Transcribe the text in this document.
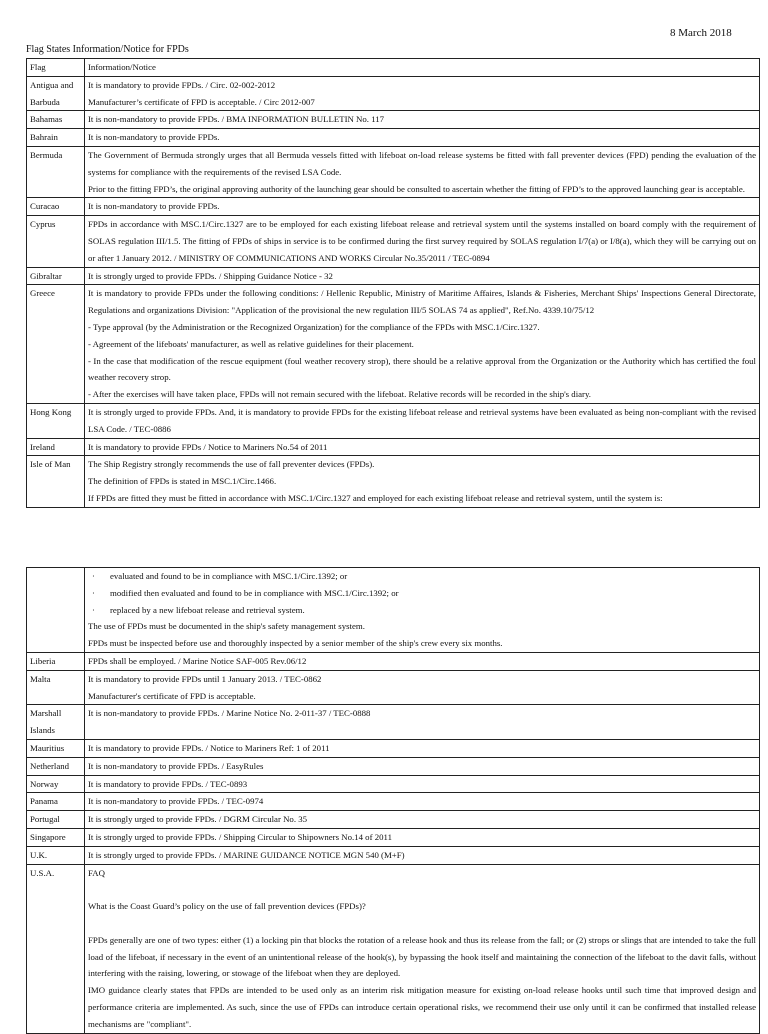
8 March 2018
Flag States Information/Notice for FPDs
Flag	Information/Notice
Antigua and Barbuda	It is mandatory to provide FPDs. / Circ. 02-002-2012
Manufacturer’s certificate of FPD is acceptable. / Circ 2012-007

Bahamas	It is non-mandatory to provide FPDs. / BMA INFORMATION BULLETIN No. 117

Bahrain	It is non-mandatory to provide FPDs.

Bermuda	The Government of Bermuda strongly urges that all Bermuda vessels fitted with lifeboat on-load release systems be fitted with fall preventer devices (FPD) pending the evaluation of the systems for compliance with the requirements of the revised LSA Code.
Prior to the fitting FPD’s, the original approving authority of the launching gear should be consulted to ascertain whether the fitting of FPD’s to the approved launching gear is acceptable.

Curacao	It is non-mandatory to provide FPDs.

Cyprus	FPDs in accordance with MSC.1/Circ.1327 are to be employed for each existing lifeboat release and retrieval system until the systems installed on board comply with the requirement of SOLAS regulation III/1.5. The fitting of FPDs of ships in service is to be confirmed during the first survey required by SOLAS regulation I/7(a) or I/8(a), which they will be carrying out on or after 1 January 2012. / MINISTRY OF COMMUNICATIONS AND WORKS Circular No.35/2011 / TEC-0894

Gibraltar	It is strongly urged to provide FPDs. / Shipping Guidance Notice - 32

Greece	It is mandatory to provide FPDs under the following conditions: / Hellenic Republic, Ministry of Maritime Affaires, Islands & Fisheries, Merchant Ships' Inspections General Directorate, Regulations and organizations Division: "Application of the provisional the new regulation III/5 SOLAS 74 as applied", Ref.No. 4339.10/75/12
- Type approval (by the Administration or the Recognized Organization) for the compliance of the FPDs with MSC.1/Circ.1327.
- Agreement of the lifeboats' manufacturer, as well as relative guidelines for their placement.
- In the case that modification of the rescue equipment (foul weather recovery strop), there should be a relative approval from the Organization or the Authority which has certified the foul weather recovery strop.
- After the exercises will have taken place, FPDs will not remain secured with the lifeboat. Relative records will be recorded in the ship's diary.

Hong Kong	It is strongly urged to provide FPDs. And, it is mandatory to provide FPDs for the existing lifeboat release and retrieval systems have been evaluated as being non-compliant with the revised LSA Code. / TEC-0886

Ireland	It is mandatory to provide FPDs / Notice to Mariners No.54 of 2011

Isle of Man	The Ship Registry strongly recommends the use of fall preventer devices (FPDs).
The definition of FPDs is stated in MSC.1/Circ.1466.
If FPDs are fitted they must be fitted in accordance with MSC.1/Circ.1327 and employed for each existing lifeboat release and retrieval system, until the system is:

	· evaluated and found to be in compliance with MSC.1/Circ.1392; or
· modified then evaluated and found to be in compliance with MSC.1/Circ.1392; or
· replaced by a new lifeboat release and retrieval system.
The use of FPDs must be documented in the ship's safety management system.
FPDs must be inspected before use and thoroughly inspected by a senior member of the ship's crew every six months.

Liberia	FPDs shall be employed. / Marine Notice SAF-005 Rev.06/12

Malta	It is mandatory to provide FPDs until 1 January 2013. / TEC-0862
Manufacturer's certificate of FPD is acceptable.

Marshall Islands	It is non-mandatory to provide FPDs. / Marine Notice No. 2-011-37 / TEC-0888

Mauritius	It is mandatory to provide FPDs. / Notice to Mariners Ref: 1 of 2011

Netherland	It is non-mandatory to provide FPDs. / EasyRules

Norway	It is mandatory to provide FPDs. / TEC-0893

Panama	It is non-mandatory to provide FPDs. / TEC-0974

Portugal	It is strongly urged to provide FPDs. / DGRM Circular No. 35

Singapore	It is strongly urged to provide FPDs. / Shipping Circular to Shipowners No.14 of 2011

U.K.	It is strongly urged to provide FPDs. / MARINE GUIDANCE NOTICE MGN 540 (M+F)

U.S.A.	FAQ
What is the Coast Guard’s policy on the use of fall prevention devices (FPDs)?
FPDs generally are one of two types: either (1) a locking pin that blocks the rotation of a release hook and thus its release from the fall; or (2) strops or slings that are intended to take the full load of the lifeboat, if necessary in the event of an unintentional release of the hook(s), by bypassing the hook itself and maintaining the connection of the lifeboat to the davit falls, without interfering with the raising, lowering, or stowage of the lifeboat when they are deployed.
IMO guidance clearly states that FPDs are intended to be used only as an interim risk mitigation measure for existing on-load release hooks until such time that improved design and performance criteria are implemented. As such, since the use of FPDs can introduce certain operational risks, we recommend their use only until it can be confirmed that installed release mechanisms are "compliant".
